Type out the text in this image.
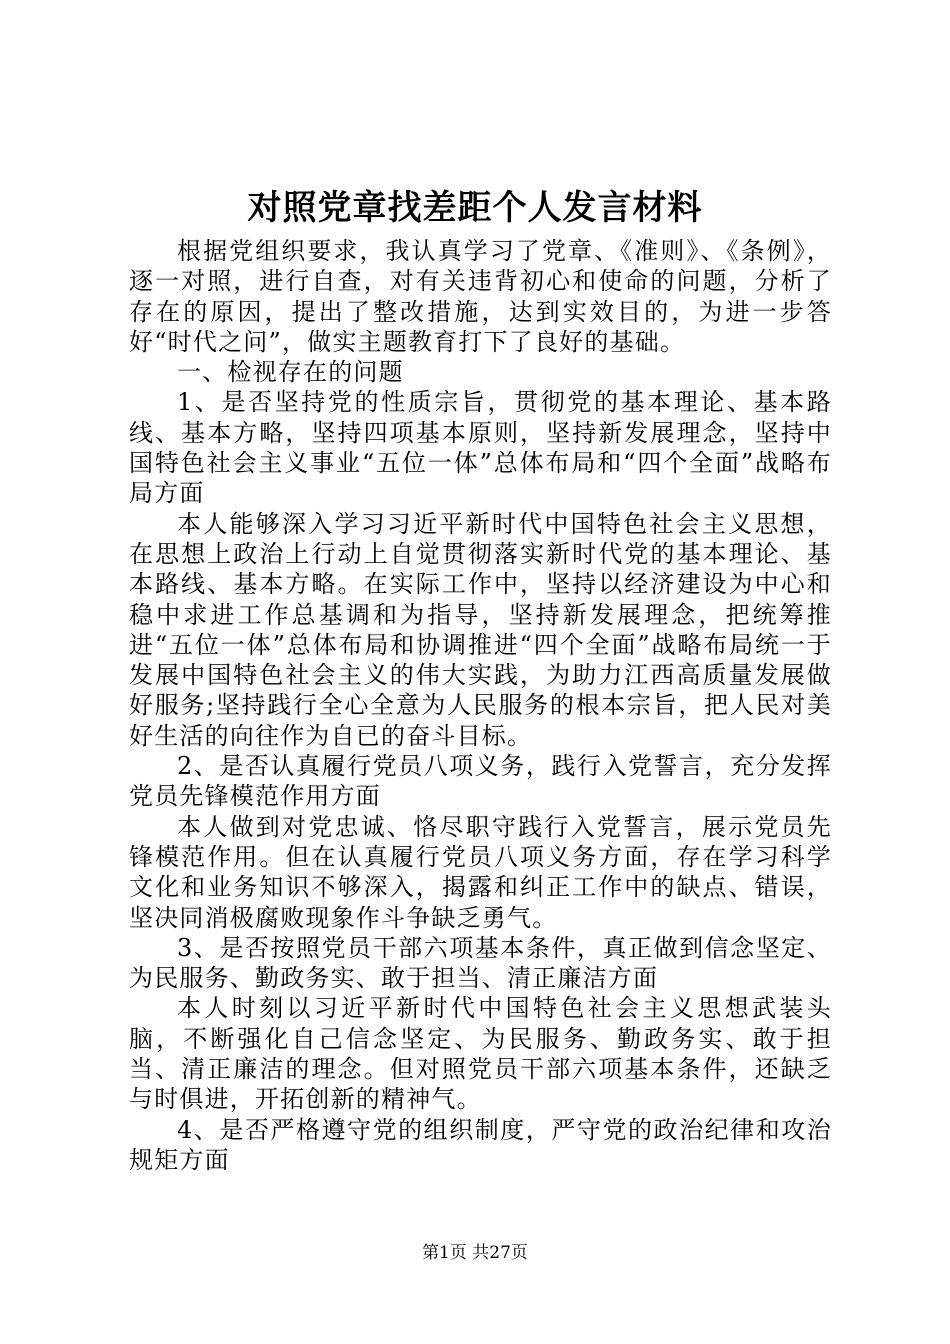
对照党章找差距个人发言材料

根据党组织要求，我认真学习了党章、《准则》、《条例》，逐一对照，进行自查，对有关违背初心和使命的问题，分析了存在的原因，提出了整改措施，达到实效目的，为进一步答好“时代之问”，做实主题教育打下了良好的基础。

一、检视存在的问题

1、是否坚持党的性质宗旨，贯彻党的基本理论、基本路线、基本方略，坚持四项基本原则，坚持新发展理念，坚持中国特色社会主义事业“五位一体”总体布局和“四个全面”战略布局方面

本人能够深入学习习近平新时代中国特色社会主义思想，在思想上政治上行动上自觉贯彻落实新时代党的基本理论、基本路线、基本方略。在实际工作中，坚持以经济建设为中心和稳中求进工作总基调和为指导，坚持新发展理念，把统筹推进“五位一体”总体布局和协调推进“四个全面”战略布局统一于发展中国特色社会主义的伟大实践，为助力江西高质量发展做好服务;坚持践行全心全意为人民服务的根本宗旨，把人民对美好生活的向往作为自已的奋斗目标。

2、是否认真履行党员八项义务，践行入党誓言，充分发挥党员先锋模范作用方面

本人做到对党忠诚、恪尽职守践行入党誓言，展示党员先锋模范作用。但在认真履行党员八项义务方面，存在学习科学文化和业务知识不够深入，揭露和纠正工作中的缺点、错误，坚决同消极腐败现象作斗争缺乏勇气。

3、是否按照党员干部六项基本条件，真正做到信念坚定、为民服务、勤政务实、敢于担当、清正廉洁方面

本人时刻以习近平新时代中国特色社会主义思想武装头脑，不断强化自己信念坚定、为民服务、勤政务实、敢于担当、清正廉洁的理念。但对照党员干部六项基本条件，还缺乏与时俱进，开拓创新的精神气。

4、是否严格遵守党的组织制度，严守党的政治纪律和攻治规矩方面

第1页 共27页
